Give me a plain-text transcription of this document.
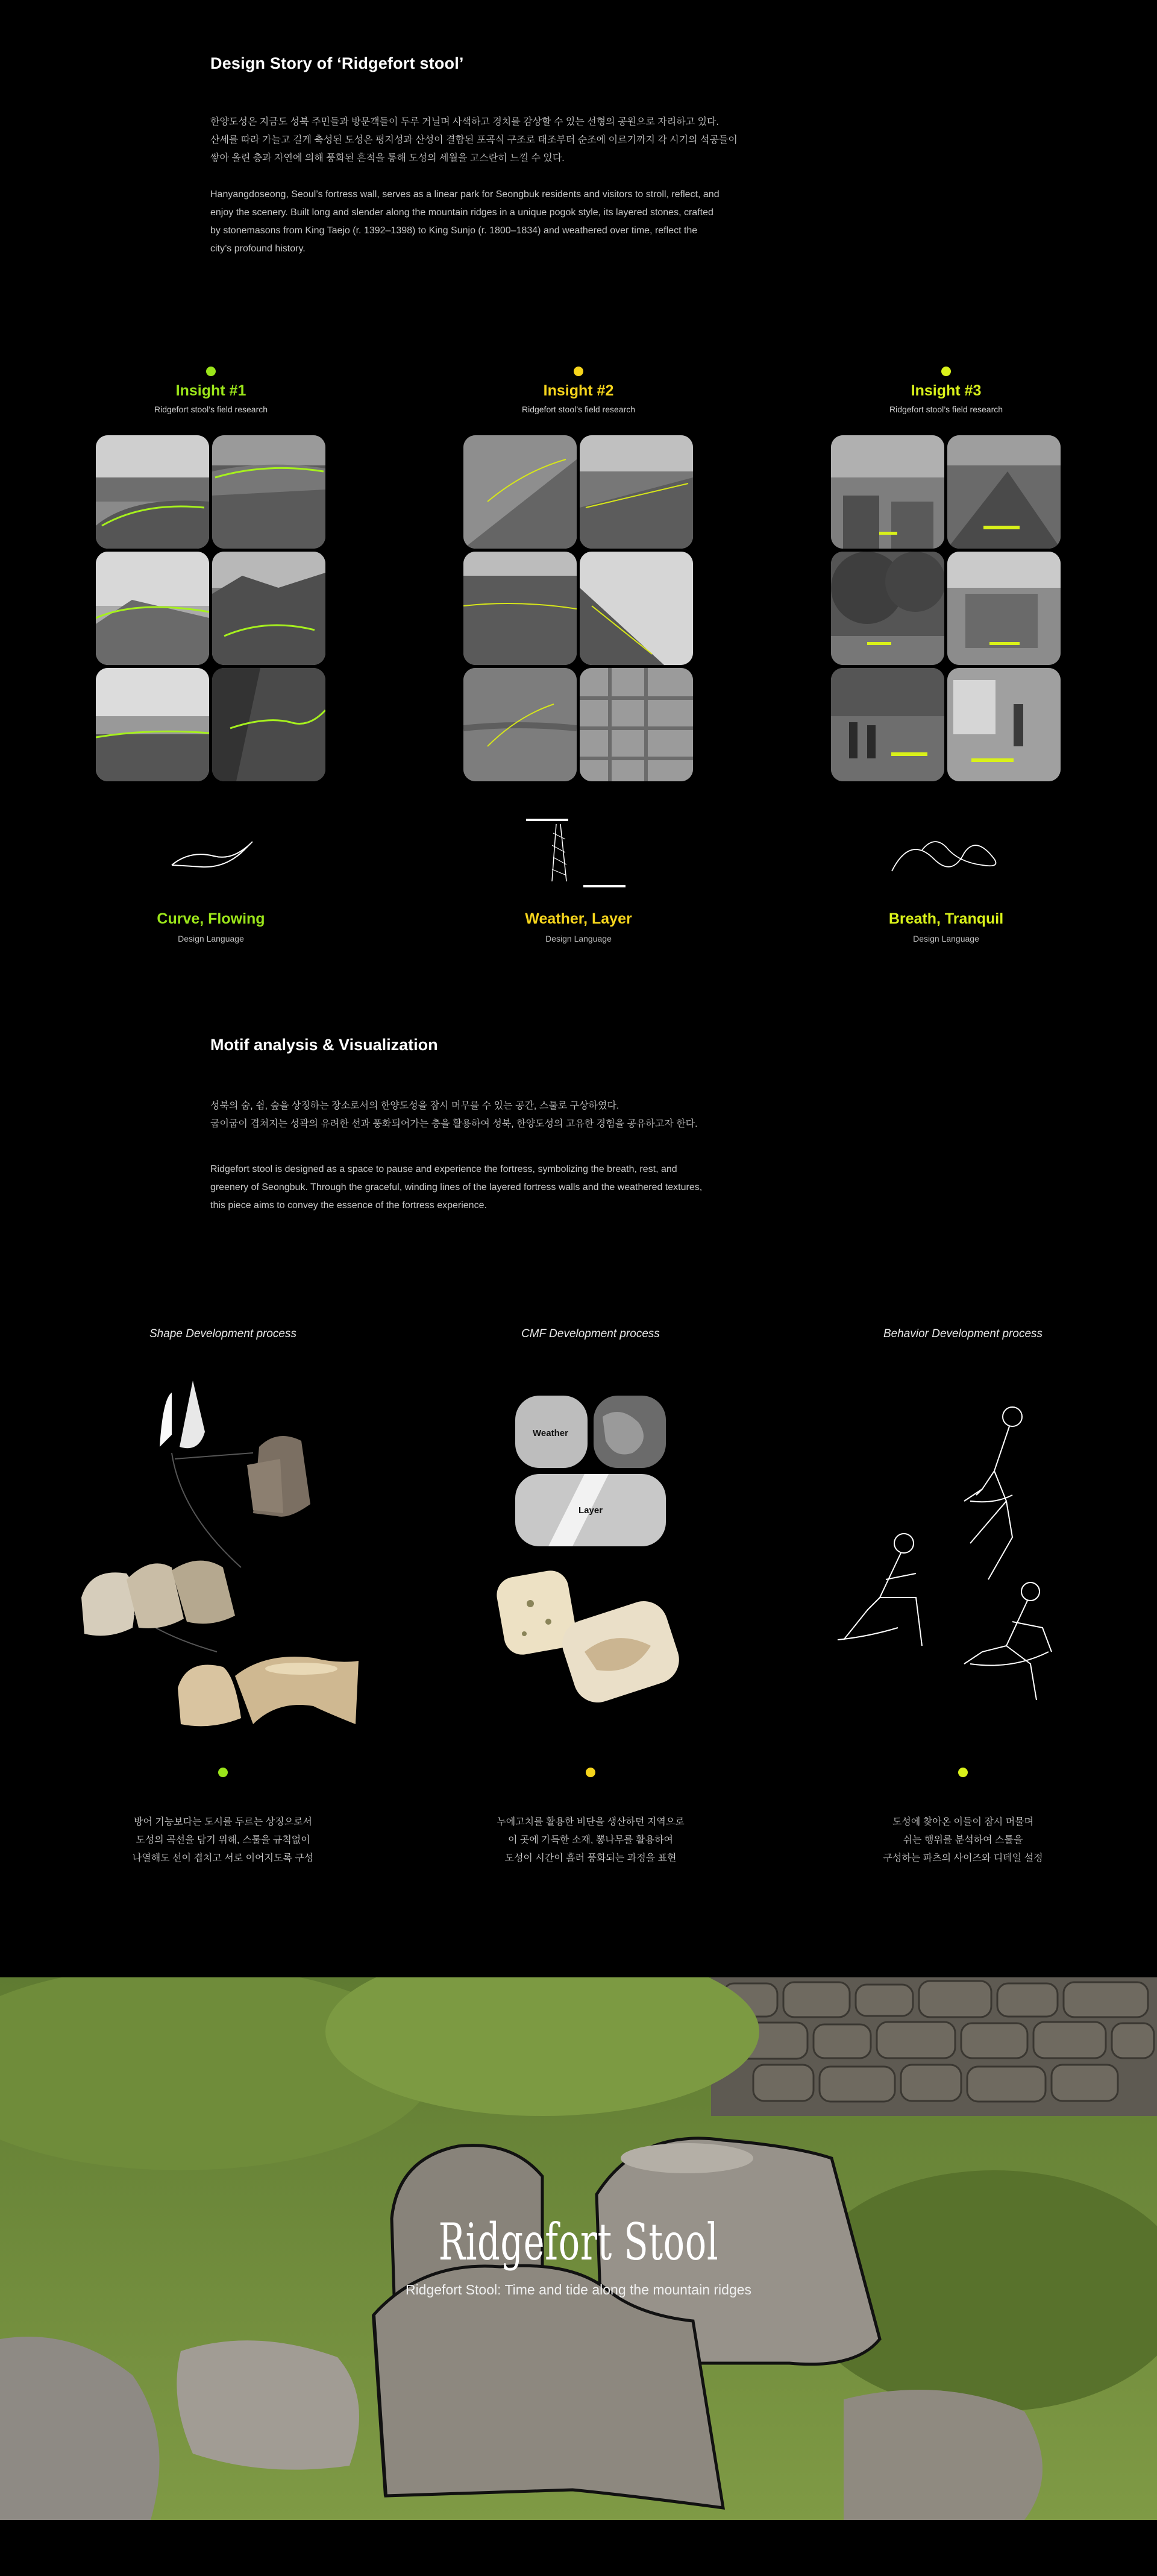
Design Story of ‘Ridgefort stool’
한양도성은 지금도 성북 주민들과 방문객들이 두루 거닐며 사색하고 경치를 감상할 수 있는 선형의 공원으로 자리하고 있다.
산세를 따라 가늘고 길게 축성된 도성은 평지성과 산성이 결합된 포곡식 구조로 태조부터 순조에 이르기까지 각 시기의 석공들이
쌓아 올린 층과 자연에 의해 풍화된 흔적을 통해 도성의 세월을 고스란히 느낄 수 있다.
Hanyangdoseong, Seoul’s fortress wall, serves as a linear park for Seongbuk residents and visitors to stroll, reflect, and
enjoy the scenery. Built long and slender along the mountain ridges in a unique pogok style, its layered stones, crafted
by stonemasons from King Taejo (r. 1392–1398) to King Sunjo (r. 1800–1834) and weathered over time, reflect the
city’s profound history.
Insight #1
Ridgefort stool’s field research
Insight #2
Ridgefort stool’s field research
Insight #3
Ridgefort stool’s field research
Curve, Flowing
Design Language
Weather, Layer
Design Language
Breath, Tranquil
Design Language
Motif analysis & Visualization
성북의 숨, 쉼, 숲을 상징하는 장소로서의 한양도성을 잠시 머무를 수 있는 공간, 스툴로 구상하였다.
굽이굽이 겹쳐지는 성곽의 유려한 선과 풍화되어가는 층을 활용하여 성북, 한양도성의 고유한 경험을 공유하고자 한다.
Ridgefort stool is designed as a space to pause and experience the fortress, symbolizing the breath, rest, and
greenery of Seongbuk. Through the graceful, winding lines of the layered fortress walls and the weathered textures,
this piece aims to convey the essence of the fortress experience.
Shape Development process	CMF Development process	Behavior Development process
Weather
Layer
방어 기능보다는 도시를 두르는 상징으로서
도성의 곡선을 담기 위해, 스툴을 규칙없이
나열해도 선이 겹치고 서로 이어지도록 구성
누에고치를 활용한 비단을 생산하던 지역으로
이 곳에 가득한 소재, 뽕나무를 활용하여
도성이 시간이 흘러 풍화되는 과정을 표현
도성에 찾아온 이들이 잠시 머물며
쉬는 행위를 분석하여 스툴을
구성하는 파츠의 사이즈와 디테일 설정
Ridgefort Stool
Ridgefort Stool: Time and tide along the mountain ridges
